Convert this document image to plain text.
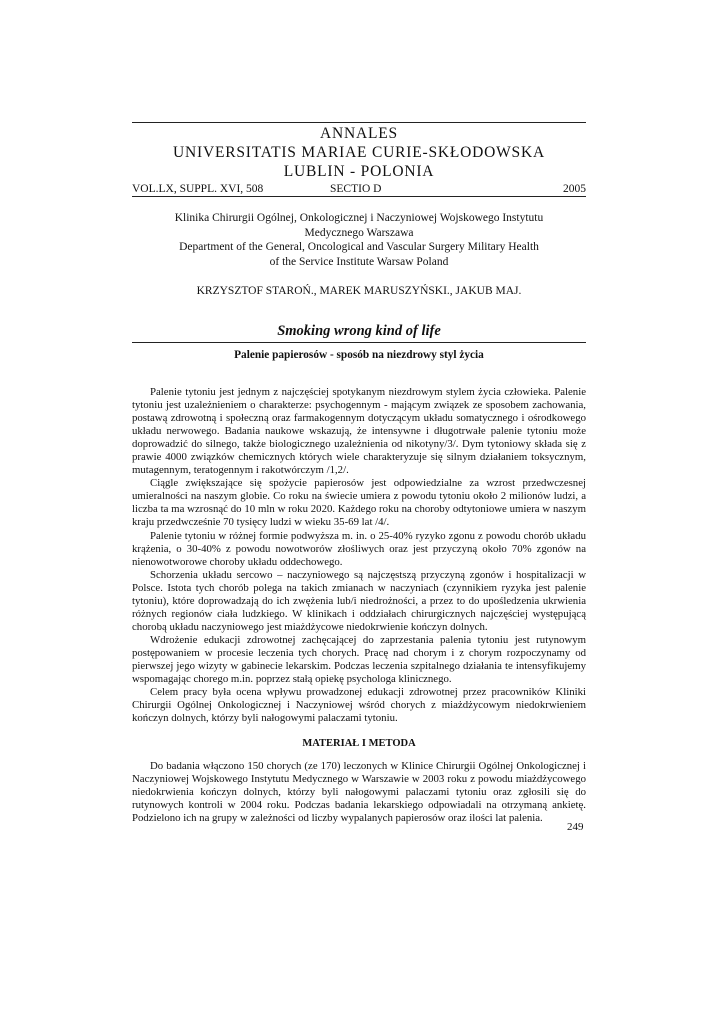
ANNALES
UNIVERSITATIS MARIAE CURIE-SKŁODOWSKA
LUBLIN - POLONIA
VOL.LX, SUPPL. XVI, 508	SECTIO D	2005
Klinika Chirurgii Ogólnej, Onkologicznej i Naczyniowej Wojskowego Instytutu
Medycznego Warszawa
Department of the General, Oncological and Vascular Surgery Military Health
of the Service Institute Warsaw Poland
KRZYSZTOF STAROŃ., MAREK MARUSZYŃSKI., JAKUB MAJ.
Smoking wrong kind of life
Palenie papierosów - sposób na niezdrowy styl życia

Palenie tytoniu jest jednym z najczęściej spotykanym niezdrowym stylem życia człowieka. Palenie tytoniu jest uzależnieniem o charakterze: psychogennym - mającym związek ze sposobem zachowania, postawą zdrowotną i społeczną oraz farmakogennym dotyczącym układu somatycznego i ośrodkowego układu nerwowego. Badania naukowe wskazują, że intensywne i długotrwałe palenie tytoniu może doprowadzić do silnego, także biologicznego uzależnienia od nikotyny/3/. Dym tytoniowy składa się z prawie 4000 związków chemicznych których wiele charakteryzuje się silnym działaniem toksycznym, mutagennym, teratogennym i rakotwórczym /1,2/.

Ciągle zwiększające się spożycie papierosów jest odpowiedzialne za wzrost przedwczesnej umieralności na naszym globie. Co roku na świecie umiera z powodu tytoniu około 2 milionów ludzi, a liczba ta ma wzrosnąć do 10 mln w roku 2020. Każdego roku na choroby odtytoniowe umiera w naszym kraju przedwcześnie 70 tysięcy ludzi w wieku 35-69 lat /4/.

Palenie tytoniu w różnej formie podwyższa m. in. o 25-40% ryzyko zgonu z powodu chorób układu krążenia, o 30-40% z powodu nowotworów złośliwych oraz jest przyczyną około 70% zgonów na nienowotworowe choroby układu oddechowego.

Schorzenia układu sercowo – naczyniowego są najczęstszą przyczyną zgonów i hospitalizacji w Polsce. Istota tych chorób polega na takich zmianach w naczyniach (czynnikiem ryzyka jest palenie tytoniu), które doprowadzają do ich zwężenia lub/i niedrożności, a przez to do upośledzenia ukrwienia różnych regionów ciała ludzkiego. W klinikach i oddziałach chirurgicznych najczęściej występującą chorobą układu naczyniowego jest miażdżycowe niedokrwienie kończyn dolnych.

Wdrożenie edukacji zdrowotnej zachęcającej do zaprzestania palenia tytoniu jest rutynowym postępowaniem w procesie leczenia tych chorych. Pracę nad chorym i z chorym rozpoczynamy od pierwszej jego wizyty w gabinecie lekarskim. Podczas leczenia szpitalnego działania te intensyfikujemy wspomagając chorego m.in. poprzez stałą opiekę psychologa klinicznego.

Celem pracy była ocena wpływu prowadzonej edukacji zdrowotnej przez pracowników Kliniki Chirurgii Ogólnej Onkologicznej i Naczyniowej wśród chorych z miażdżycowym niedokrwieniem kończyn dolnych, którzy byli nałogowymi palaczami tytoniu.

MATERIAŁ I METODA

Do badania włączono 150 chorych (ze 170) leczonych w Klinice Chirurgii Ogólnej Onkologicznej i Naczyniowej Wojskowego Instytutu Medycznego w Warszawie w 2003 roku z powodu miażdżycowego niedokrwienia kończyn dolnych, którzy byli nałogowymi palaczami tytoniu oraz zgłosili się do rutynowych kontroli w 2004 roku. Podczas badania lekarskiego odpowiadali na otrzymaną ankietę. Podzielono ich na grupy w zależności od liczby wypalanych papierosów oraz ilości lat palenia.

249
